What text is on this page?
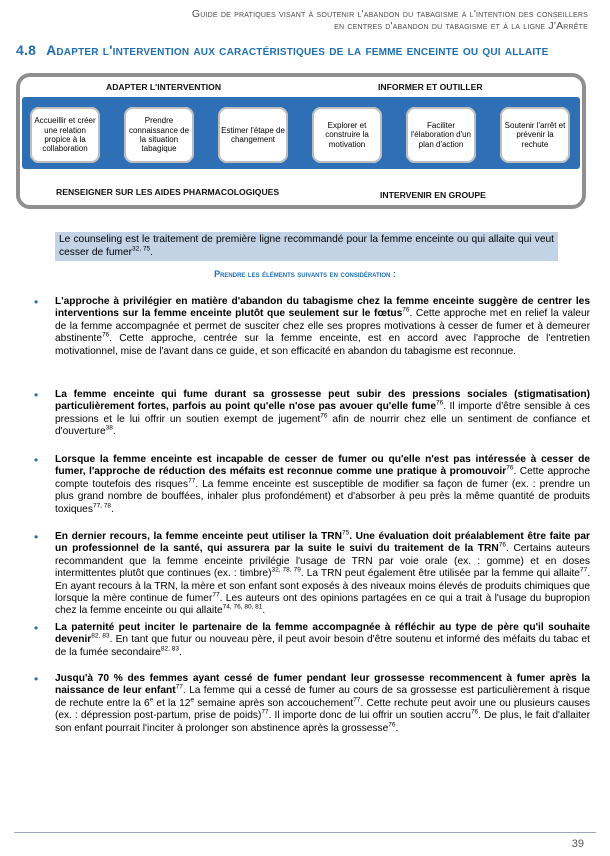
Guide de pratiques visant à soutenir l'abandon du tabagisme à l'intention des conseillers
en centres d'abandon du tabagisme et à la ligne J'Arrête
4.8 Adapter l'intervention aux caractéristiques de la femme enceinte ou qui allaite
ADAPTER L'INTERVENTION	INFORMER ET OUTILLER
Accueillir et créer une relation propice à la collaboration
Prendre connaissance de la situation tabagique
Estimer l'étape de changement
Explorer et construire la motivation
Faciliter l'élaboration d'un plan d'action
Soutenir l'arrêt et prévenir la rechute
RENSEIGNER SUR LES AIDES PHARMACOLOGIQUES	INTERVENIR EN GROUPE
Le counseling est le traitement de première ligne recommandé pour la femme enceinte ou qui allaite qui veut cesser de fumer$^{32, 75}$.
Prendre les éléments suivants en considération :
• L'approche à privilégier en matière d'abandon du tabagisme chez la femme enceinte suggère de centrer les interventions sur la femme enceinte plutôt que seulement sur le fœtus$^{76}$. Cette approche met en relief la valeur de la femme accompagnée et permet de susciter chez elle ses propres motivations à cesser de fumer et à demeurer abstinente$^{76}$. Cette approche, centrée sur la femme enceinte, est en accord avec l'approche de l'entretien motivationnel, mise de l'avant dans ce guide, et son efficacité en abandon du tabagisme est reconnue.
• La femme enceinte qui fume durant sa grossesse peut subir des pressions sociales (stigmatisation) particulièrement fortes, parfois au point qu'elle n'ose pas avouer qu'elle fume$^{76}$. Il importe d'être sensible à ces pressions et le lui offrir un soutien exempt de jugement$^{76}$ afin de nourrir chez elle un sentiment de confiance et d'ouverture$^{38}$.
• Lorsque la femme enceinte est incapable de cesser de fumer ou qu'elle n'est pas intéressée à cesser de fumer, l'approche de réduction des méfaits est reconnue comme une pratique à promouvoir$^{76}$. Cette approche compte toutefois des risques$^{77}$. La femme enceinte est susceptible de modifier sa façon de fumer (ex. : prendre un plus grand nombre de bouffées, inhaler plus profondément) et d'absorber à peu près la même quantité de produits toxiques$^{77, 78}$.
• En dernier recours, la femme enceinte peut utiliser la TRN$^{75}$. Une évaluation doit préalablement être faite par un professionnel de la santé, qui assurera par la suite le suivi du traitement de la TRN$^{76}$. Certains auteurs recommandent que la femme enceinte privilégie l'usage de TRN par voie orale (ex. : gomme) et en doses intermittentes plutôt que continues (ex. : timbre)$^{32, 78, 79}$. La TRN peut également être utilisée par la femme qui allaite$^{77}$. En ayant recours à la TRN, la mère et son enfant sont exposés à des niveaux moins élevés de produits chimiques que lorsque la mère continue de fumer$^{77}$. Les auteurs ont des opinions partagées en ce qui a trait à l'usage du bupropion chez la femme enceinte ou qui allaite$^{74, 76, 80, 81}$.
• La paternité peut inciter le partenaire de la femme accompagnée à réfléchir au type de père qu'il souhaite devenir$^{82, 83}$. En tant que futur ou nouveau père, il peut avoir besoin d'être soutenu et informé des méfaits du tabac et de la fumée secondaire$^{82, 83}$.
• Jusqu'à 70 % des femmes ayant cessé de fumer pendant leur grossesse recommencent à fumer après la naissance de leur enfant$^{77}$. La femme qui a cessé de fumer au cours de sa grossesse est particulièrement à risque de rechute entre la 6e et la 12e semaine après son accouchement$^{77}$. Cette rechute peut avoir une ou plusieurs causes (ex. : dépression post-partum, prise de poids)$^{77}$. Il importe donc de lui offrir un soutien accru$^{76}$. De plus, le fait d'allaiter son enfant pourrait l'inciter à prolonger son abstinence après la grossesse$^{76}$.
39
